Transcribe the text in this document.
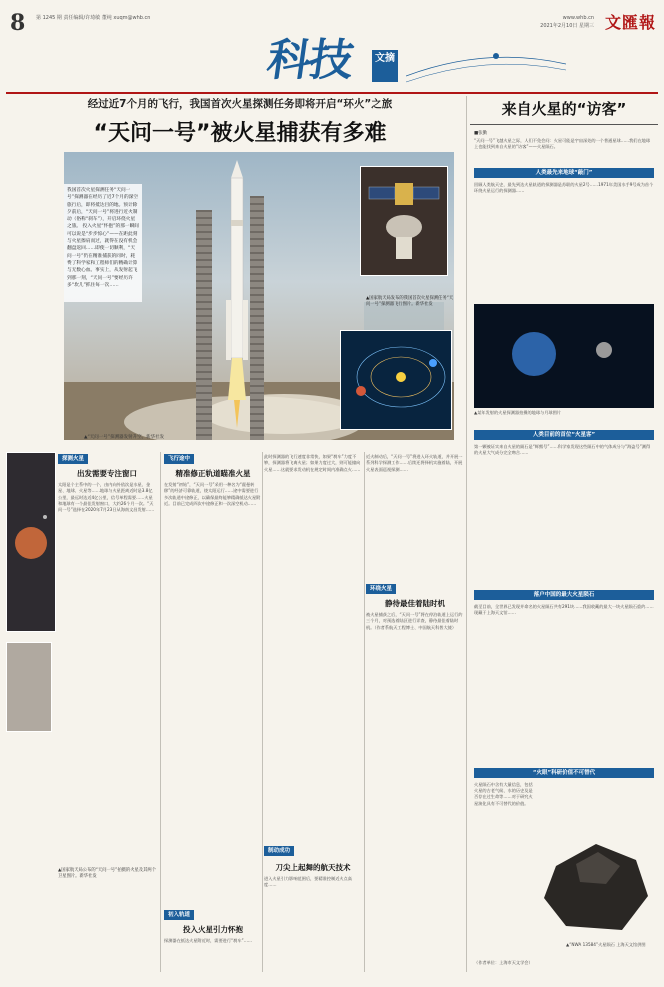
8 第 1245 期 责任编辑/许琦敏 董纯 xuqm@whb.cn	www.whb.cn
2021年2月10日 星期三 文匯報
科技	文摘
经过近7个月的飞行，我国首次火星探测任务即将开启“环火”之旅
“天问一号”被火星捕获有多难
我国首次火星探测任务“天问一号”探测器在经历了近7个月的深空旅行后，即将抵达目的地。预计除夕前后，“天问一号”将进行近火制动（俗称“刹车”），开启环绕火星之旅。 投入火星“怀抱”的那一瞬间可以说是“步步惊心”——在距此刻与火星擦肩而过，就得在没有机会翻盘返回……即使一切顺利，“天问一号”仍在精准捕获的同时，耗费了科学家和工程师们的精确计算与无数心血。事实上，从发射起飞到那一刻，“天问一号”要经历许多“坎儿”抓住每一次……
▲“天问一号”探测器发射升空。新华社发
▲国家航天局发布的我国首次火星探测任务“天问一号”探测器飞行图片。新华社发
探测火星
出发需要专注窗口
太阳是个主系中的一个，由内向外依次是水星、金星、地球、火星等……地球与火星距离近时是3.8亿公里，最远时达近4亿公里，信号单程需要……火星和地球有一个最佳发射窗口，大约26个月一次。“天问一号”选择在2020年7月23日从海南文昌发射……
▲国家航天局公布的“天问一号”拍摄的火星及其两个卫星图片。新华社发
飞行途中
精准修正轨道瞄准火星
在发射“初始”，“天问一号”采用一种名为“霍曼转移”的经济可靠轨道，绕太阳运行……途中需要进行多次轨道中途修正，以确保最终能够精确抵达火星附近。目前已完成四次中途修正和一次深空机动……
初入轨道
投入火星引力怀抱
探测器在抵达火星附近时，需要进行“刹车”……
此时探测器的飞行速度非常快，如果“刹车”力度不够，探测器将飞离火星；如果力度过大，则可能撞向火星……这就要求发动机在规定时间内准确点火……
制动成功
刀尖上起舞的航天技术
进入火星引力影响范围后，要精准控制近火点高度……
近火制动后，“天问一号”将进入环火轨道，并开展一系列科学探测工作……后续还将择机实施着陆，开展火星表面巡视探测……
环绕火星
静待最佳着陆时机
被火星捕获之后，“天问一号”将在停泊轨道上运行约三个月，对预选着陆区进行详查，静待最佳着陆时机。（作者系航天工程博士、中国航天科普大使）
来自火星的“访客”
■张勤
“天问一号”飞越火星之际，人们不免会问：火星可能是宇宙深处的一个普通星球……我们在地球上也能找到来自火星的“访客”——火星陨石。
人类最先来地球“敲门”
回顾人类航天史，最先到达火星轨道的探测器是苏联的火星2号……1971年美国水手9号成为首个环绕火星运行的探测器……
▲某年发射的火星探测器拍摄的地球与月球图片
人类目前的首位“火星客”
第一颗被证实来自火星的陨石是“辉熊号”……科学家发现这些陨石中的气体成分与“海盗号”测得的火星大气成分完全吻合……
落户中国的最大火星陨石
截至目前，全世界已发现并命名的火星陨石共有291块……我国收藏的最大一块火星陨石重约……现藏于上海天文馆……
“火眼”科研价值不可替代
火星陨石中含有大量信息，包括火星的古老气候、水的历史及是否存在过生命等……对于研究火星演化具有不可替代的价值。
▲“NWA 13584”火星陨石 上海天文馆供图
（作者单位：上海市天文学会）
